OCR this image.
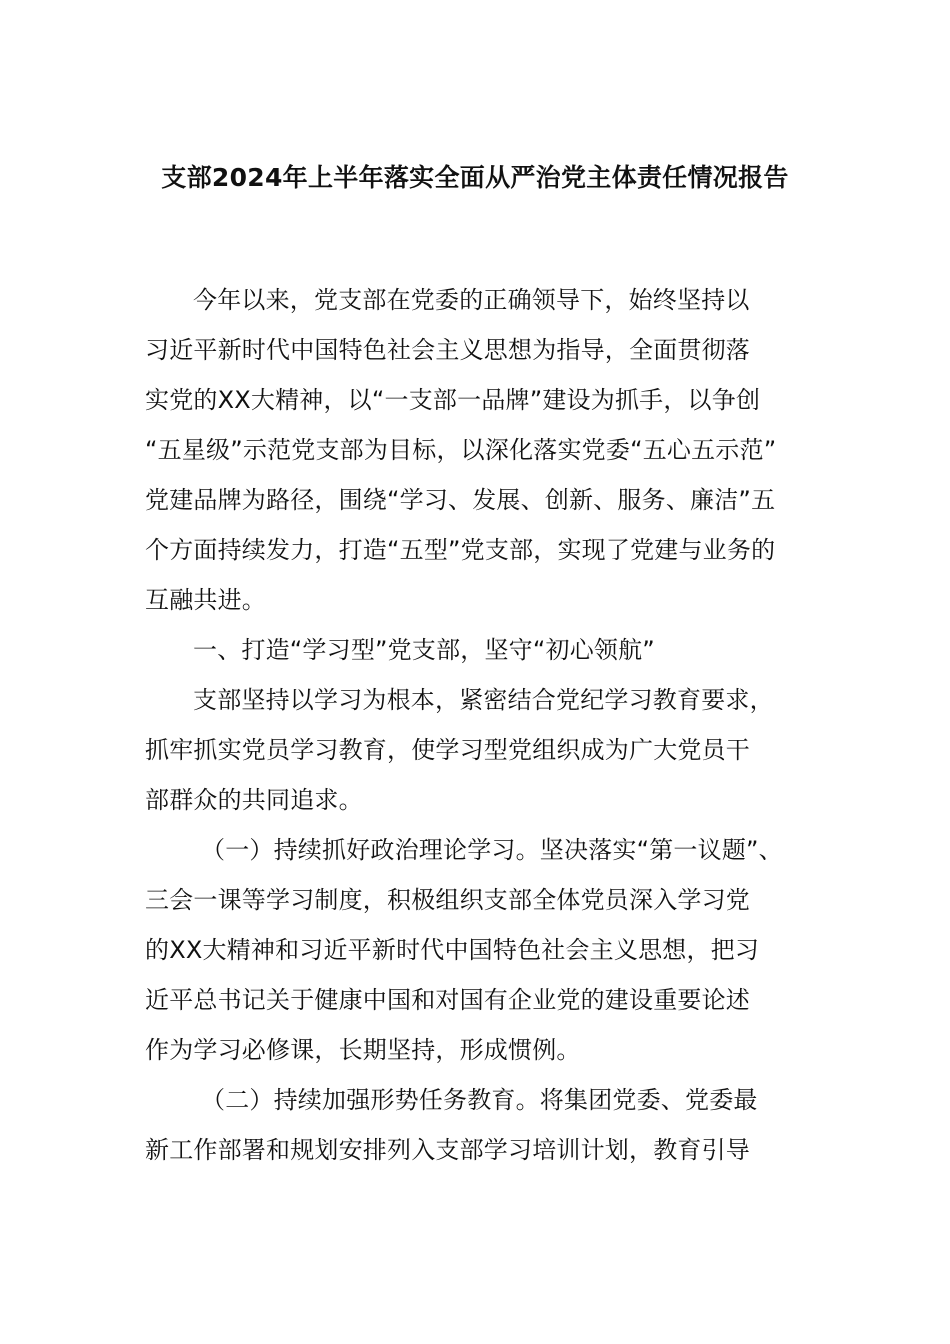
支部2024年上半年落实全面从严治党主体责任情况报告
今年以来，党支部在党委的正确领导下，始终坚持以
习近平新时代中国特色社会主义思想为指导，全面贯彻落
实党的XX大精神，以“一支部一品牌”建设为抓手，以争创
“五星级”示范党支部为目标，以深化落实党委“五心五示范”
党建品牌为路径，围绕“学习、发展、创新、服务、廉洁”五
个方面持续发力，打造“五型”党支部，实现了党建与业务的
互融共进。
一、打造“学习型”党支部，坚守“初心领航”
支部坚持以学习为根本，紧密结合党纪学习教育要求，
抓牢抓实党员学习教育，使学习型党组织成为广大党员干
部群众的共同追求。
（一）持续抓好政治理论学习。坚决落实“第一议题”、
三会一课等学习制度，积极组织支部全体党员深入学习党
的XX大精神和习近平新时代中国特色社会主义思想，把习
近平总书记关于健康中国和对国有企业党的建设重要论述
作为学习必修课，长期坚持，形成惯例。
（二）持续加强形势任务教育。将集团党委、党委最
新工作部署和规划安排列入支部学习培训计划，教育引导
